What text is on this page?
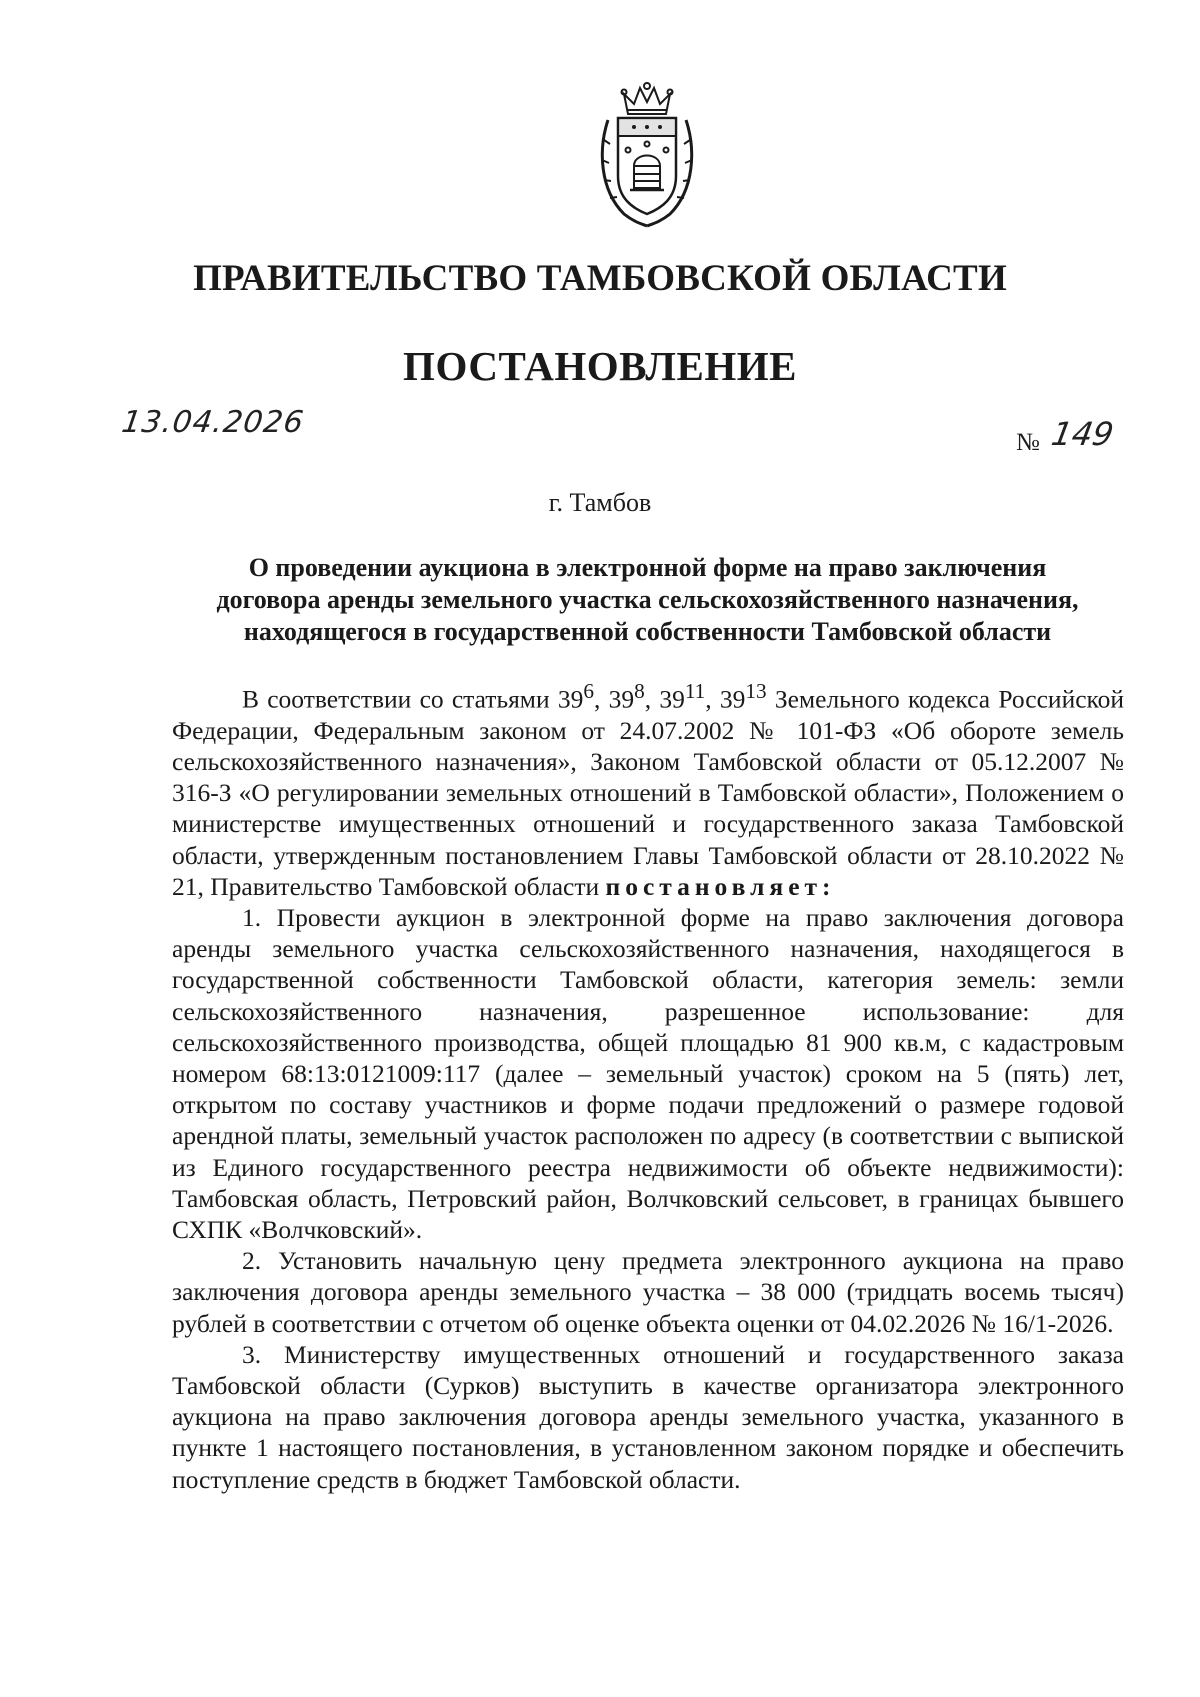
ПРАВИТЕЛЬСТВО ТАМБОВСКОЙ ОБЛАСТИ
ПОСТАНОВЛЕНИЕ
13.04.2026
№ 149
г. Тамбов
О проведении аукциона в электронной форме на право заключения
договора аренды земельного участка сельскохозяйственного назначения,
находящегося в государственной собственности Тамбовской области

В соответствии со статьями $39^6$, $39^8$, $39^{11}$, $39^{13}$ Земельного кодекса Российской Федерации, Федеральным законом от 24.07.2002 № 101-ФЗ «Об обороте земель сельскохозяйственного назначения», Законом Тамбовской области от 05.12.2007 № 316-З «О регулировании земельных отношений в Тамбовской области», Положением о министерстве имущественных отношений и государственного заказа Тамбовской области, утвержденным постановлением Главы Тамбовской области от 28.10.2022 № 21, Правительство Тамбовской области постановляет:

1. Провести аукцион в электронной форме на право заключения договора аренды земельного участка сельскохозяйственного назначения, находящегося в государственной собственности Тамбовской области, категория земель: земли сельскохозяйственного назначения, разрешенное использование: для сельскохозяйственного производства, общей площадью 81 900 кв.м, с кадастровым номером 68:13:0121009:117 (далее – земельный участок) сроком на 5 (пять) лет, открытом по составу участников и форме подачи предложений о размере годовой арендной платы, земельный участок расположен по адресу (в соответствии с выпиской из Единого государственного реестра недвижимости об объекте недвижимости): Тамбовская область, Петровский район, Волчковский сельсовет, в границах бывшего СХПК «Волчковский».

2. Установить начальную цену предмета электронного аукциона на право заключения договора аренды земельного участка – 38 000 (тридцать восемь тысяч) рублей в соответствии с отчетом об оценке объекта оценки от 04.02.2026 № 16/1-2026.

3. Министерству имущественных отношений и государственного заказа Тамбовской области (Сурков) выступить в качестве организатора электронного аукциона на право заключения договора аренды земельного участка, указанного в пункте 1 настоящего постановления, в установленном законом порядке и обеспечить поступление средств в бюджет Тамбовской области.
